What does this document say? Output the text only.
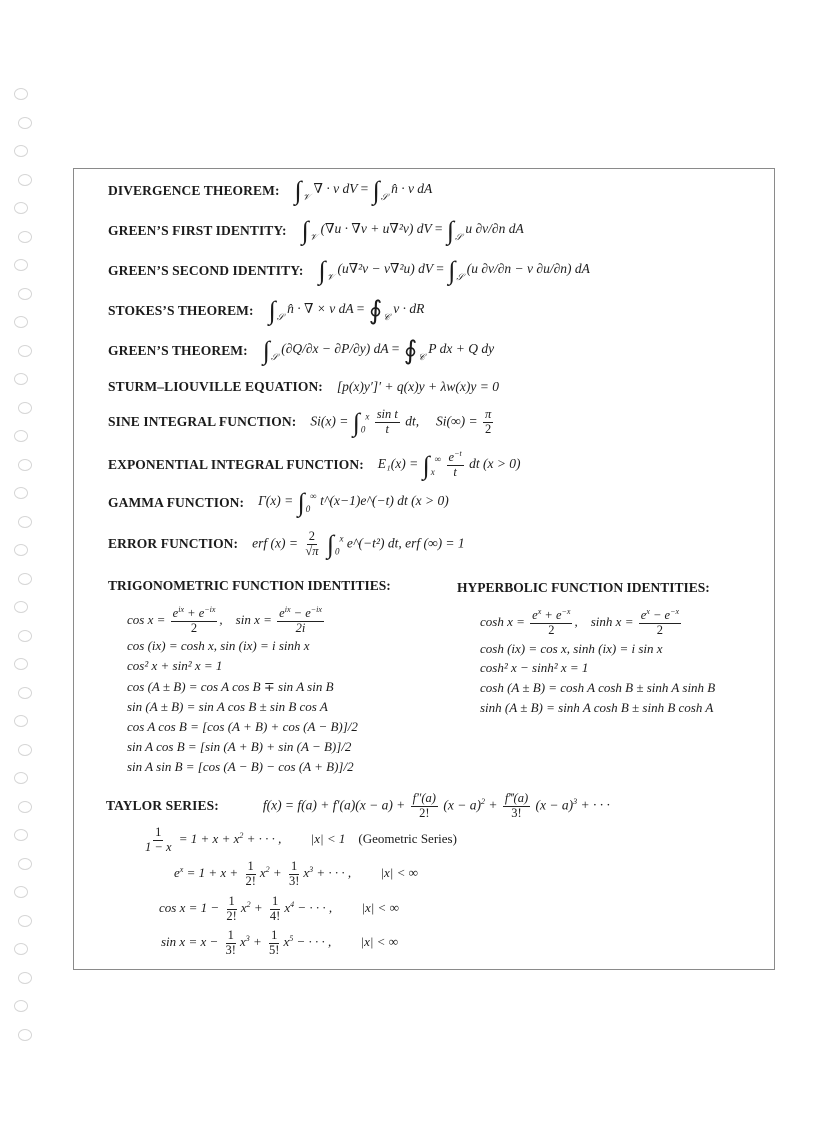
DIVERGENCE THEOREM: $\int_𝒱$ ∇ · v dV = $\int_𝒮$ n̂ · v dA
GREEN’S FIRST IDENTITY: $\int_𝒱$ (∇u · ∇v + u∇²v) dV = $\int_𝒮$ u ∂v/∂n dA
GREEN’S SECOND IDENTITY: $\int_𝒱$ (u∇²v − v∇²u) dV = $\int_𝒮$ (u ∂v/∂n − v ∂u/∂n) dA
STOKES’S THEOREM: $\int_𝒮$ n̂ · ∇ × v dA = $∮_𝒞$ v · dR
GREEN’S THEOREM: $\int_𝒮$ (∂Q/∂x − ∂P/∂y) dA = $∮_𝒞$ P dx + Q dy
STURM–LIOUVILLE EQUATION: [p(x)y′]′ + q(x)y + λw(x)y = 0
SINE INTEGRAL FUNCTION: $Si(x) = \int_0^x \frac{\text{sin t}}{t}$ dt, $Si(\infty) = \frac{\pi}{2}$
EXPONENTIAL INTEGRAL FUNCTION: $E_1(x) = \int_x^\infty \frac{e^{-t}}{t}$ dt (x > 0)
GAMMA FUNCTION: $\Gamma(x) = \int_0^\infty$ t^(x−1)e^(−t) dt (x > 0)
ERROR FUNCTION: erf $(x) = \frac{2}{√\pi} \int_0^x$ e^(−t²) dt, erf (∞) = 1
TRIGONOMETRIC FUNCTION IDENTITIES:
$\cos x = \frac{e^{ix} + e^{-ix}}{2}$ ,    $\sin x = \frac{e^{ix} - e^{-ix}}{2i}$
cos (ix) = cosh x, sin (ix) = i sinh x
cos² x + sin² x = 1
cos (A ± B) = cos A cos B ∓ sin A sin B
sin (A ± B) = sin A cos B ± sin B cos A
cos A cos B = [cos (A + B) + cos (A − B)]/2
sin A cos B = [sin (A + B) + sin (A − B)]/2
sin A sin B = [cos (A − B) − cos (A + B)]/2
HYPERBOLIC FUNCTION IDENTITIES:
$\cosh x = \frac{e^x + e^{-x}}{2}$ ,    $\sinh x = \frac{e^x - e^{-x}}{2}$
cosh (ix) = cos x, sinh (ix) = i sin x
cosh² x − sinh² x = 1
cosh (A ± B) = cosh A cosh B ± sinh A sinh B
sinh (A ± B) = sinh A cosh B ± sinh B cosh A
TAYLOR SERIES:	$f(x) = f(a) + f'(a)(x - a) + \frac{f''(a)}{2!} (x - a)^2 + \frac{f‴(a)}{3!} (x - a)^3$ + · · ·
$\frac{1}{1 - x} = 1 + x + x^2$ + · · · ,         |x| < 1 (Geometric Series)
$e^x = 1 + x + \frac{1}{2!} x^2 + \frac{1}{3!} x^3$ + · · · ,         |x| < ∞
$\cos x = 1 - \frac{1}{2!} x^2 + \frac{1}{4!} x^4$ − · · · ,         |x| < ∞
$\sin x = x - \frac{1}{3!} x^3 + \frac{1}{5!} x^5$ − · · · ,         |x| < ∞
